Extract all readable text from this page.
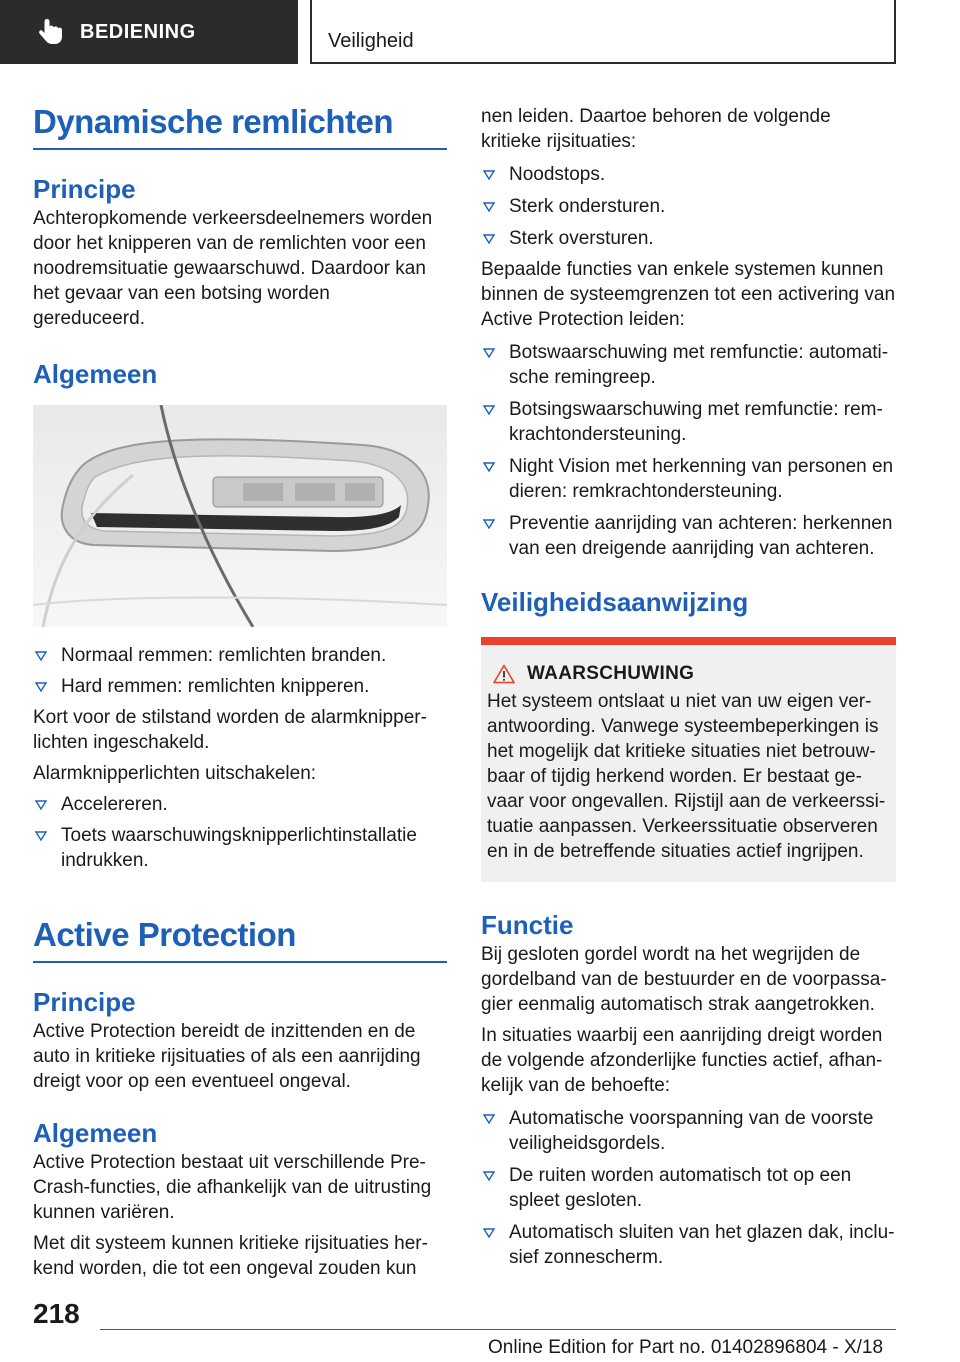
BEDIENING	Veiligheid
Dynamische remlichten
Principe

Achteropkomende verkeersdeelnemers worden door het knipperen van de remlichten voor een noodremsituatie gewaarschuwd. Daardoor kan het gevaar van een botsing worden gereduceerd.

Algemeen
Normaal remmen: remlichten branden.
Hard remmen: remlichten knipperen.

Kort voor de stilstand worden de alarmknipperlichten ingeschakeld.

Alarmknipperlichten uitschakelen:

Accelereren.
Toets waarschuwingsknipperlichtinstallatie indrukken.
Active Protection
Principe

Active Protection bereidt de inzittenden en de auto in kritieke rijsituaties of als een aanrijding dreigt voor op een eventueel ongeval.

Algemeen

Active Protection bestaat uit verschillende Pre-Crash-functies, die afhankelijk van de uitrusting kunnen variëren.

Met dit systeem kunnen kritieke rijsituaties herkend worden, die tot een ongeval zouden kun

nen leiden. Daartoe behoren de volgende kritieke rijsituaties:

Noodstops.
Sterk ondersturen.
Sterk oversturen.

Bepaalde functies van enkele systemen kunnen binnen de systeemgrenzen tot een activering van Active Protection leiden:

Botswaarschuwing met remfunctie: automatische remingreep.
Botsingswaarschuwing met remfunctie: remkrachtondersteuning.
Night Vision met herkenning van personen en dieren: remkrachtondersteuning.
Preventie aanrijding van achteren: herkennen van een dreigende aanrijding van achteren.
Veiligheidsaanwijzing
WAARSCHUWING

Het systeem ontslaat u niet van uw eigen verantwoording. Vanwege systeembeperkingen is het mogelijk dat kritieke situaties niet betrouwbaar of tijdig herkend worden. Er bestaat gevaar voor ongevallen. Rijstijl aan de verkeerssituatie aanpassen. Verkeerssituatie observeren en in de betreffende situaties actief ingrijpen.

Functie

Bij gesloten gordel wordt na het wegrijden de gordelband van de bestuurder en de voorpassagier eenmalig automatisch strak aangetrokken.

In situaties waarbij een aanrijding dreigt worden de volgende afzonderlijke functies actief, afhankelijk van de behoefte:

Automatische voorspanning van de voorste veiligheidsgordels.
De ruiten worden automatisch tot op een spleet gesloten.
Automatisch sluiten van het glazen dak, inclusief zonnescherm.
218
Online Edition for Part no. 01402896804 - X/18
